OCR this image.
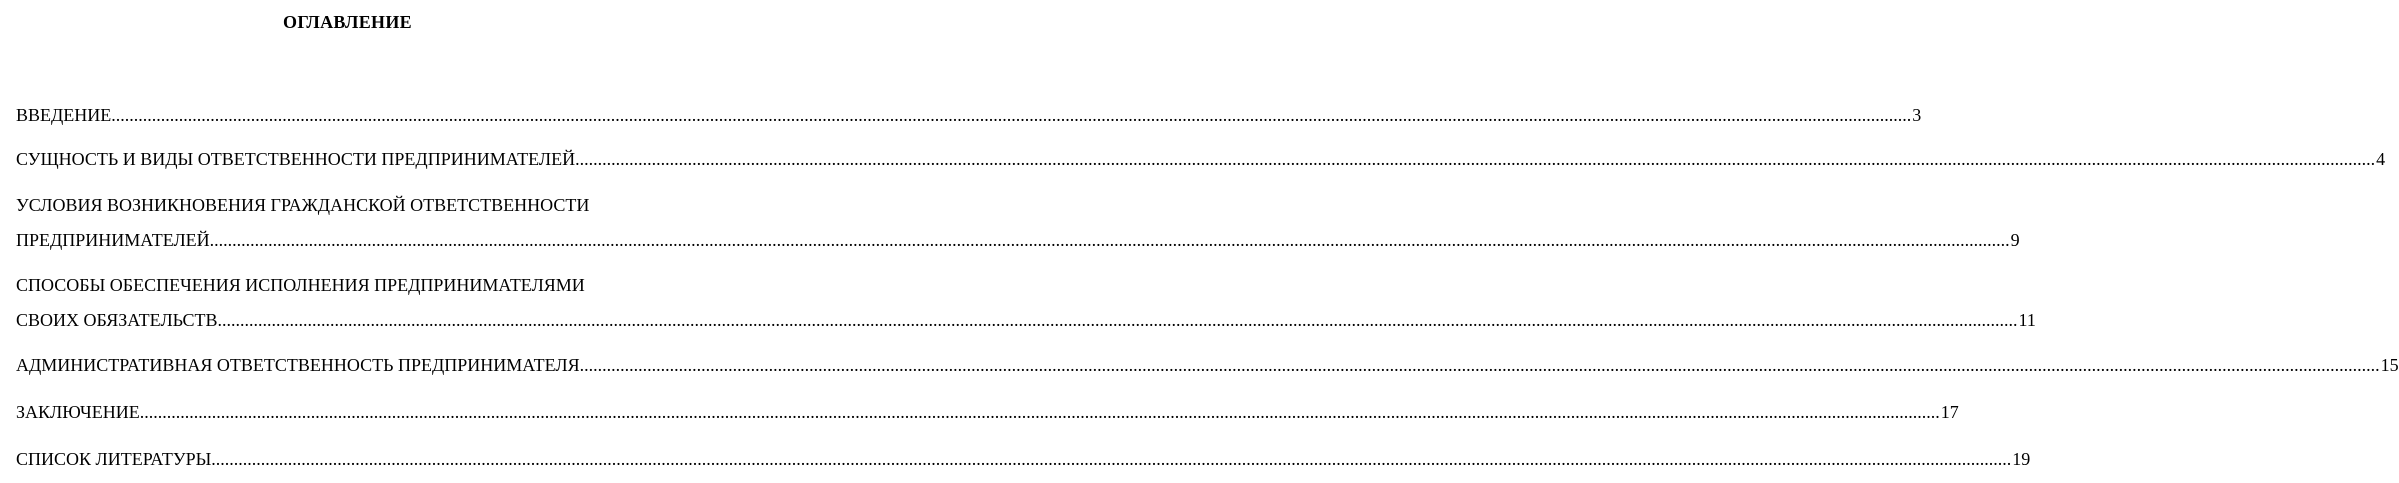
ОГЛАВЛЕНИЕ
ВВЕДЕНИЕ ................................................................................................................................................................................................................................................................................................................................................................................................................ 3
СУЩНОСТЬ И ВИДЫ ОТВЕТСТВЕННОСТИ ПРЕДПРИНИМАТЕЛЕЙ ................................................................................................................................................................................................................................................................................................................................................................................................................ 4
УСЛОВИЯ ВОЗНИКНОВЕНИЯ ГРАЖДАНСКОЙ ОТВЕТСТВЕННОСТИ
ПРЕДПРИНИМАТЕЛЕЙ ................................................................................................................................................................................................................................................................................................................................................................................................................ 9
СПОСОБЫ ОБЕСПЕЧЕНИЯ ИСПОЛНЕНИЯ ПРЕДПРИНИМАТЕЛЯМИ
СВОИХ ОБЯЗАТЕЛЬСТВ ................................................................................................................................................................................................................................................................................................................................................................................................................ 11
АДМИНИСТРАТИВНАЯ ОТВЕТСТВЕННОСТЬ ПРЕДПРИНИМАТЕЛЯ ................................................................................................................................................................................................................................................................................................................................................................................................................ 15
ЗАКЛЮЧЕНИЕ ................................................................................................................................................................................................................................................................................................................................................................................................................ 17
СПИСОК ЛИТЕРАТУРЫ ................................................................................................................................................................................................................................................................................................................................................................................................................ 19
